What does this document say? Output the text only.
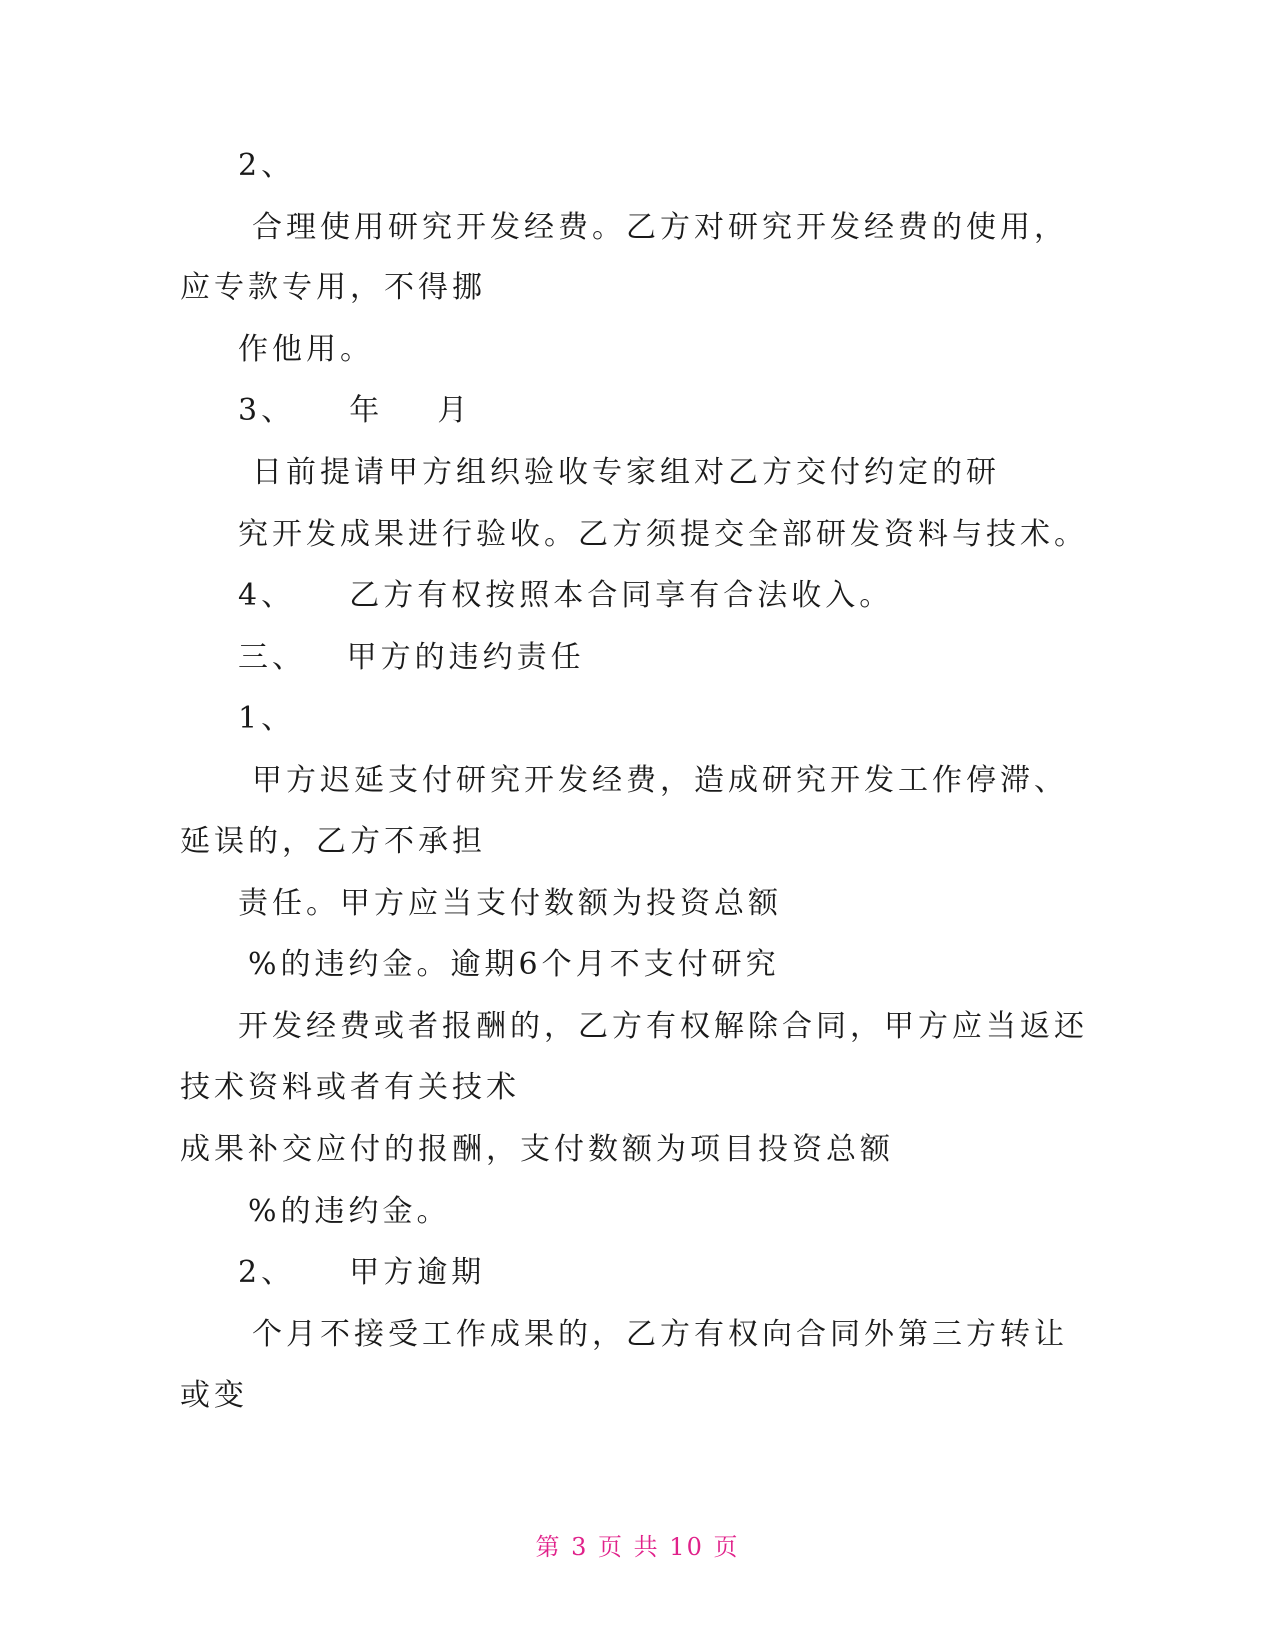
2、
合理使用研究开发经费。乙方对研究开发经费的使用，
应专款专用，不得挪
作他用。
3、    年    月
日前提请甲方组织验收专家组对乙方交付约定的研
究开发成果进行验收。乙方须提交全部研发资料与技术。
4、    乙方有权按照本合同享有合法收入。
三、   甲方的违约责任
1、
甲方迟延支付研究开发经费，造成研究开发工作停滞、
延误的，乙方不承担
责任。甲方应当支付数额为投资总额
%的违约金。逾期6个月不支付研究
开发经费或者报酬的，乙方有权解除合同，甲方应当返还
技术资料或者有关技术
成果补交应付的报酬，支付数额为项目投资总额
%的违约金。
2、    甲方逾期
个月不接受工作成果的，乙方有权向合同外第三方转让
或变
第 3 页 共 10 页
